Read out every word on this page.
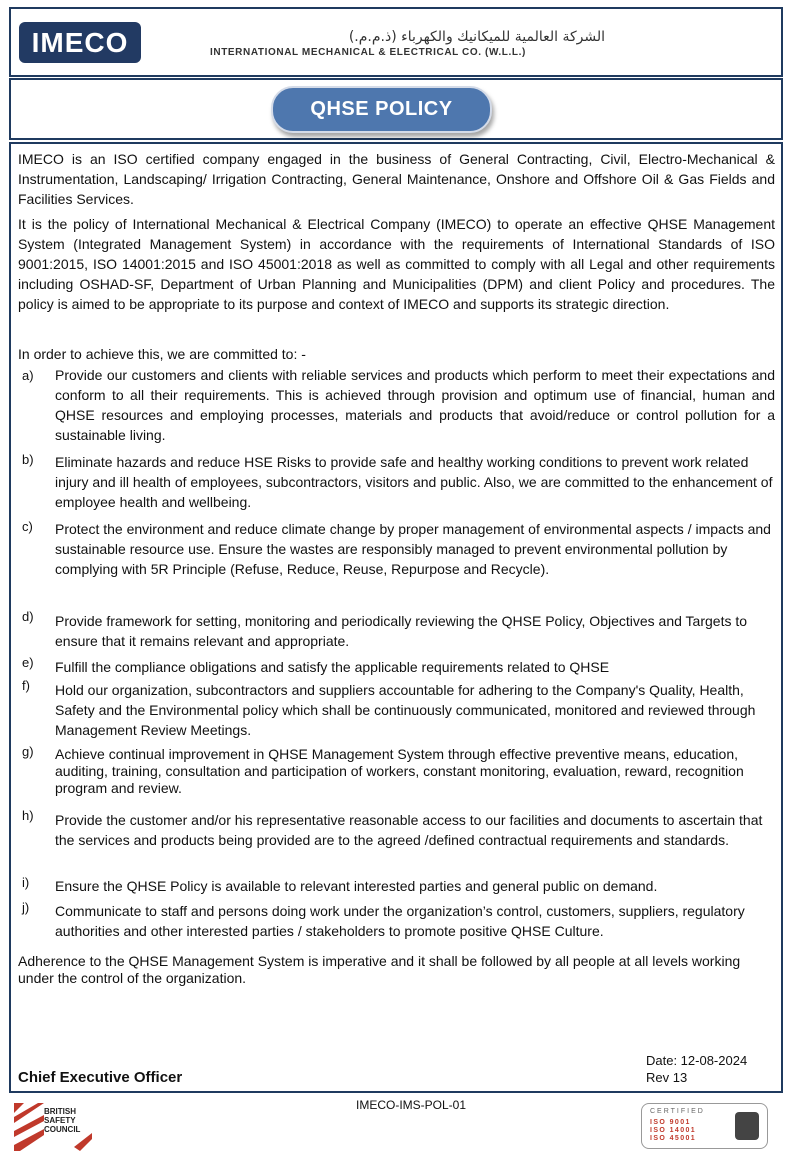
IMECO	الشركة العالمية للميكانيك والكهرباء (ذ.م.م.)
INTERNATIONAL MECHANICAL & ELECTRICAL CO. (W.L.L.)
QHSE POLICY
IMECO is an ISO certified company engaged in the business of General Contracting, Civil, Electro-Mechanical & Instrumentation, Landscaping/ Irrigation Contracting, General Maintenance, Onshore and Offshore Oil & Gas Fields and Facilities Services.
It is the policy of International Mechanical & Electrical Company (IMECO) to operate an effective QHSE Management System (Integrated Management System) in accordance with the requirements of International Standards of ISO 9001:2015, ISO 14001:2015 and ISO 45001:2018 as well as committed to comply with all Legal and other requirements including OSHAD-SF, Department of Urban Planning and Municipalities (DPM) and client Policy and procedures. The policy is aimed to be appropriate to its purpose and context of IMECO and supports its strategic direction.
In order to achieve this, we are committed to: -
a) Provide our customers and clients with reliable services and products which perform to meet their expectations and conform to all their requirements. This is achieved through provision and optimum use of financial, human and QHSE resources and employing processes, materials and products that avoid/reduce or control pollution for a sustainable living.
b) Eliminate hazards and reduce HSE Risks to provide safe and healthy working conditions to prevent work related injury and ill health of employees, subcontractors, visitors and public. Also, we are committed to the enhancement of employee health and wellbeing.
c) Protect the environment and reduce climate change by proper management of environmental aspects / impacts and sustainable resource use. Ensure the wastes are responsibly managed to prevent environmental pollution by complying with 5R Principle (Refuse, Reduce, Reuse, Repurpose and Recycle).
d) Provide framework for setting, monitoring and periodically reviewing the QHSE Policy, Objectives and Targets to ensure that it remains relevant and appropriate.
e) Fulfill the compliance obligations and satisfy the applicable requirements related to QHSE
f) Hold our organization, subcontractors and suppliers accountable for adhering to the Company's Quality, Health, Safety and the Environmental policy which shall be continuously communicated, monitored and reviewed through Management Review Meetings.
g) Achieve continual improvement in QHSE Management System through effective preventive means, education, auditing, training, consultation and participation of workers, constant monitoring, evaluation, reward, recognition program and review.
h) Provide the customer and/or his representative reasonable access to our facilities and documents to ascertain that the services and products being provided are to the agreed /defined contractual requirements and standards.
i) Ensure the QHSE Policy is available to relevant interested parties and general public on demand.
j) Communicate to staff and persons doing work under the organization’s control, customers, suppliers, regulatory authorities and other interested parties / stakeholders to promote positive QHSE Culture.
Adherence to the QHSE Management System is imperative and it shall be followed by all people at all levels working under the control of the organization.
Date: 12-08-2024
Rev 13
Chief Executive Officer
IMECO-IMS-POL-01
BRITISH
SAFETY
COUNCIL
CERTIFIED
ISO 9001
ISO 14001
ISO 45001
